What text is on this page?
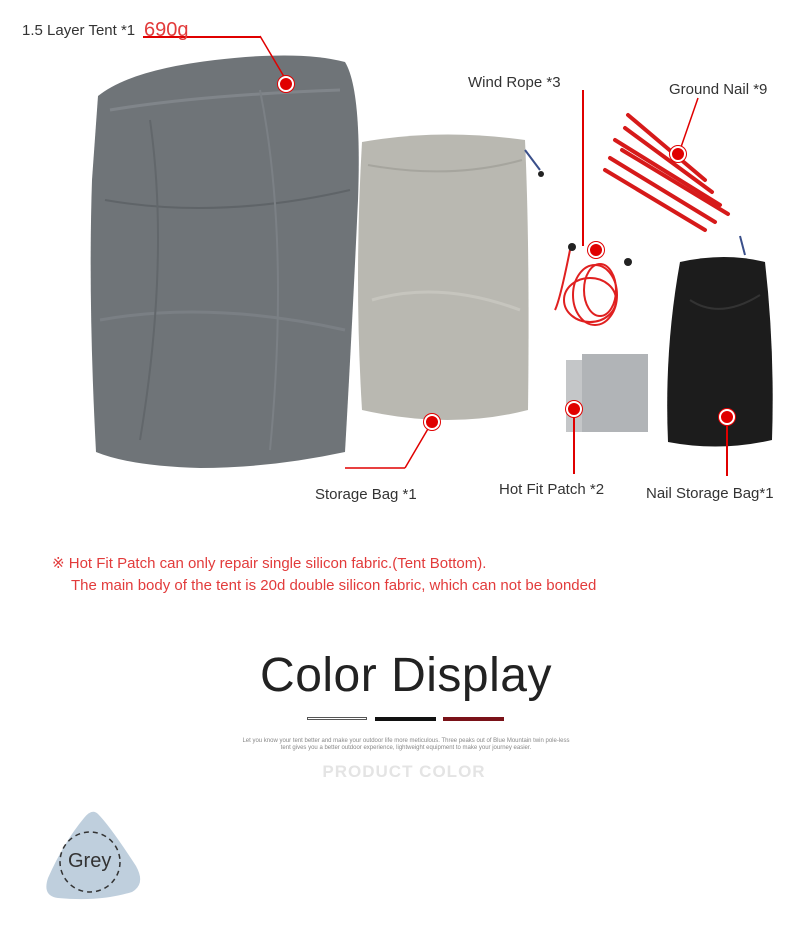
1.5 Layer Tent *1 690g
Wind Rope *3	Ground Nail *9
Storage Bag *1	Hot Fit Patch *2	Nail Storage Bag*1
※ Hot Fit Patch can only repair single silicon fabric.(Tent Bottom).
The main body of the tent is 20d double silicon fabric, which can not be bonded
Color Display
Let you know your tent better and make your outdoor life more meticulous. Three peaks out of Blue Mountain twin pole-less
tent gives you a better outdoor experience, lightweight equipment to make your journey easier.
PRODUCT COLOR
Grey
